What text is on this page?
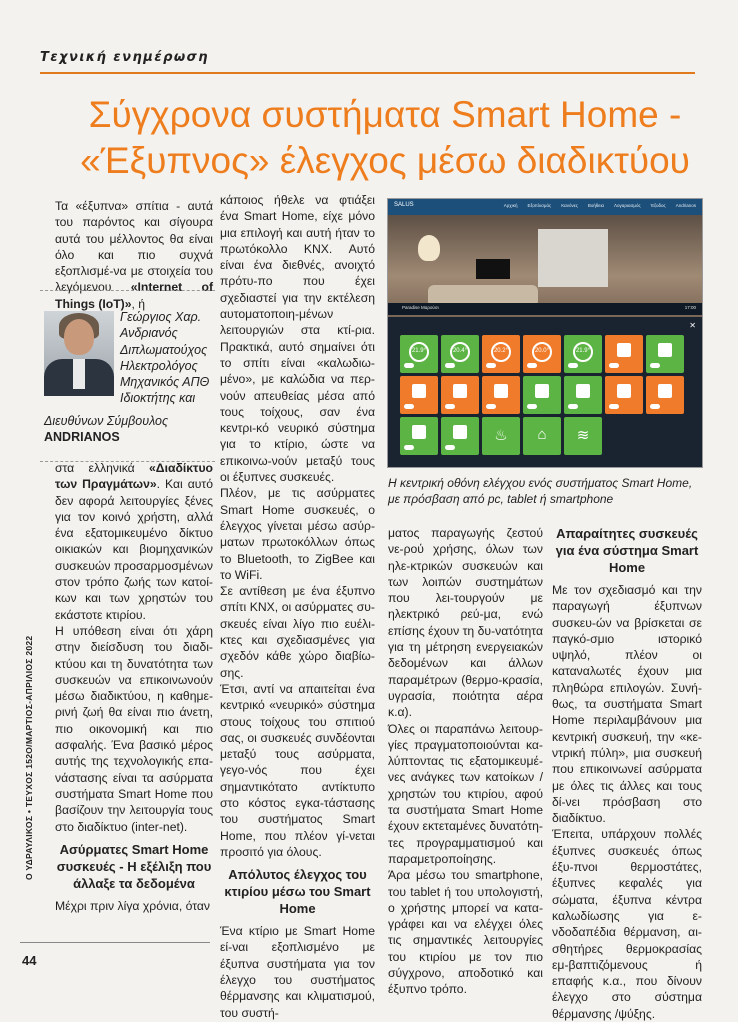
Τεχνική ενημέρωση
Σύγχρονα συστήματα Smart Home -
«Έξυπνος» έλεγχος μέσω διαδικτύου

Τα «έξυπνα» σπίτια - αυτά του παρόντος και σίγουρα αυτά του μέλλοντος θα είναι όλο και πιο συχνά εξοπλισμέ-να με στοιχεία του λεγόμενου «Internet of Things (IoT)», ή

Γεώργιος Χαρ.
Ανδριανός
Διπλωματούχος
Ηλεκτρολόγος
Μηχανικός ΑΠΘ
Ιδιοκτήτης και
Διευθύνων Σύμβουλος
ANDRIANOS

στα ελληνικά «Διαδίκτυο των Πραγμάτων». Και αυτό δεν αφορά λειτουργίες ξένες για τον κοινό χρήστη, αλλά ένα εξατομικευμένο δίκτυο οικιακών και βιομηχανικών συσκευών προσαρμοσμένων στον τρόπο ζωής των κατοί-κων και των χρηστών του εκάστοτε κτιρίου.

Η υπόθεση είναι ότι χάρη στην διείσδυση του διαδι-κτύου και τη δυνατότητα των συσκευών να επικοινωνούν μέσω διαδικτύου, η καθημε-ρινή ζωή θα είναι πιο άνετη, πιο οικονομική και πιο ασφαλής. Ένα βασικό μέρος αυτής της τεχνολογικής επα-νάστασης είναι τα ασύρματα συστήματα Smart Home που βασίζουν την λειτουργία τους στο διαδίκτυο (inter-net).

Ασύρματες Smart Home συσκευές - Η εξέλιξη που άλλαξε τα δεδομένα

Μέχρι πριν λίγα χρόνια, όταν

κάποιος ήθελε να φτιάξει ένα Smart Home, είχε μόνο μια επιλογή και αυτή ήταν το πρωτόκολλο KNX. Αυτό είναι ένα διεθνές, ανοιχτό πρότυ-πο που έχει σχεδιαστεί για την εκτέλεση αυτοματοποιη-μένων λειτουργιών στα κτί-ρια. Πρακτικά, αυτό σημαίνει ότι το σπίτι είναι «καλωδιω-μένο», με καλώδια να περ-νούν απευθείας μέσα από τους τοίχους, σαν ένα κεντρι-κό νευρικό σύστημα για το κτίριο, ώστε να επικοινω-νούν μεταξύ τους οι έξυπνες συσκευές.

Πλέον, με τις ασύρματες Smart Home συσκευές, ο έλεγχος γίνεται μέσω ασύρ-ματων πρωτοκόλλων όπως το Bluetooth, το ZigBee και το WiFi.

Σε αντίθεση με ένα έξυπνο σπίτι KNX, οι ασύρματες συ-σκευές είναι λίγο πιο ευέλι-κτες και σχεδιασμένες για σχεδόν κάθε χώρο διαβίω-σης.

Έτσι, αντί να απαιτείται ένα κεντρικό «νευρικό» σύστημα στους τοίχους του σπιτιού σας, οι συσκευές συνδέονται μεταξύ τους ασύρματα, γεγο-νός που έχει σημαντικότατο αντίκτυπο στο κόστος εγκα-τάστασης του συστήματος Smart Home, που πλέον γί-νεται προσιτό για όλους.

Απόλυτος έλεγχος του κτιρίου μέσω του Smart Home

Ένα κτίριο με Smart Home εί-ναι εξοπλισμένο με έξυπνα συστήματα για τον έλεγχο του συστήματος θέρμανσης και κλιματισμού, του συστή-

SALUS	Αρχική Εξοπλισμός Κανόνες Βοήθεια Λογαριασμός Έξοδος Andrianos
Paradise Μαρούσι	17:00
✕
21.9°	20.4°	20.2°	20.0°	21.9°
♨	⌂	≋
Η κεντρική οθόνη ελέγχου ενός συστήματος Smart Home, με πρόσβαση από pc, tablet ή smartphone

ματος παραγωγής ζεστού νε-ρού χρήσης, όλων των ηλε-κτρικών συσκευών και των λοιπών συστημάτων που λει-τουργούν με ηλεκτρικό ρεύ-μα, ενώ επίσης έχουν τη δυ-νατότητα για τη μέτρηση ενεργειακών δεδομένων και άλλων παραμέτρων (θερμο-κρασία, υγρασία, ποιότητα αέρα κ.α).

Όλες οι παραπάνω λειτουρ-γίες πραγματοποιούνται κα-λύπτοντας τις εξατομικευμέ-νες ανάγκες των κατοίκων / χρηστών του κτιρίου, αφού τα συστήματα Smart Home έχουν εκτεταμένες δυνατότη-τες προγραμματισμού και παραμετροποίησης.

Άρα μέσω του smartphone, του tablet ή του υπολογιστή, ο χρήστης μπορεί να κατα-γράφει και να ελέγχει όλες τις σημαντικές λειτουργίες του κτιρίου με τον πιο σύγχρονο, αποδοτικό και έξυπνο τρόπο.

Απαραίτητες συσκευές για ένα σύστημα Smart Home

Με τον σχεδιασμό και την παραγωγή έξυπνων συσκευ-ών να βρίσκεται σε παγκό-σμιο ιστορικό υψηλό, πλέον οι καταναλωτές έχουν μια πληθώρα επιλογών. Συνή-θως, τα συστήματα Smart Home περιλαμβάνουν μια κεντρική συσκευή, την «κε-ντρική πύλη», μια συσκευή που επικοινωνεί ασύρματα με όλες τις άλλες και τους δί-νει πρόσβαση στο διαδίκτυο.

Έπειτα, υπάρχουν πολλές έξυπνες συσκευές όπως έξυ-πνοι θερμοστάτες, έξυπνες κεφαλές για σώματα, έξυπνα κέντρα καλωδίωσης για ε-νδοδαπέδια θέρμανση, αι-σθητήρες θερμοκρασίας εμ-βαπτιζόμενους ή επαφής κ.α., που δίνουν έλεγχο στο σύστημα θέρμανσης /ψύξης.

Ο ΥΔΡΑΥΛΙΚΟΣ • ΤΕΥΧΟΣ 152Ο/ΜΑΡΤΙΟΣ-ΑΠΡΙΛΙΟΣ 2022
44
